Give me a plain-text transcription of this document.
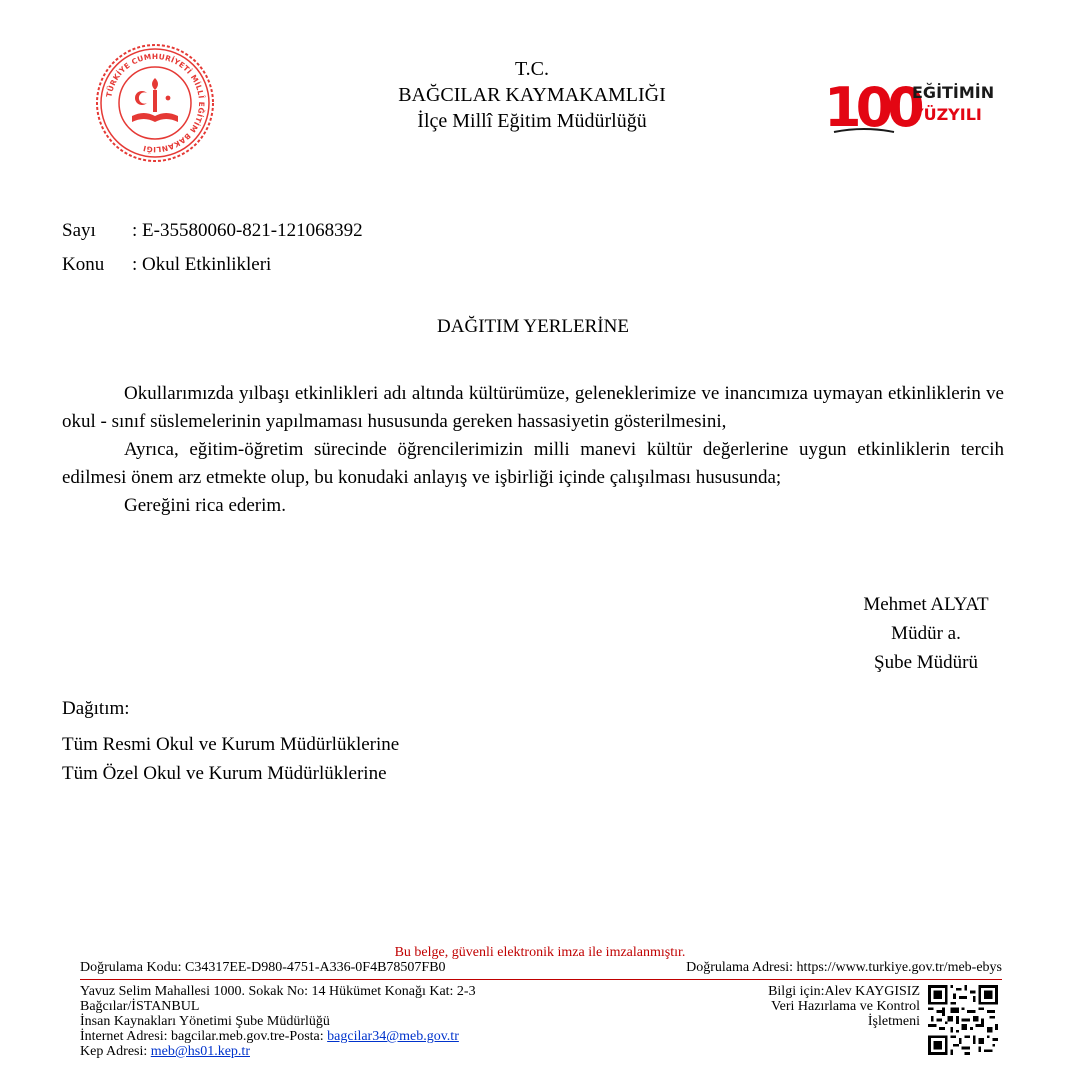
TÜRKİYE CUMHURİYETİ MİLLÎ EĞİTİM BAKANLIĞI
T.C.
BAĞCILAR KAYMAKAMLIĞI
İlçe Millî Eğitim Müdürlüğü	100
EĞİTİMİN
YÜZYILI
Sayı	: E-35580060-821-121068392
Konu	: Okul Etkinlikleri
DAĞITIM YERLERİNE

Okullarımızda yılbaşı etkinlikleri adı altında kültürümüze, geleneklerimize ve inancımıza uymayan etkinliklerin ve okul - sınıf süslemelerinin yapılmaması hususunda gereken hassasiyetin gösterilmesini,

Ayrıca, eğitim-öğretim sürecinde öğrencilerimizin milli manevi kültür değerlerine uygun etkinliklerin tercih edilmesi önem arz etmekte olup, bu konudaki anlayış ve işbirliği içinde çalışılması hususunda;

Gereğini rica ederim.

Mehmet ALYAT
Müdür a.
Şube Müdürü
Dağıtım:
Tüm Resmi Okul ve Kurum Müdürlüklerine
Tüm Özel Okul ve Kurum Müdürlüklerine
Bu belge, güvenli elektronik imza ile imzalanmıştır.
Doğrulama Kodu: C34317EE-D980-4751-A336-0F4B78507FB0	Doğrulama Adresi: https://www.turkiye.gov.tr/meb-ebys
Yavuz Selim Mahallesi 1000. Sokak No: 14 Hükümet Konağı Kat: 2-3
Bağcılar/İSTANBUL
İnsan Kaynakları Yönetimi Şube Müdürlüğü
İnternet Adresi: bagcilar.meb.gov.tre-Posta: bagcilar34@meb.gov.tr
Kep Adresi: meb@hs01.kep.tr
Bilgi için:Alev KAYGISIZ
Veri Hazırlama ve Kontrol
İşletmeni
